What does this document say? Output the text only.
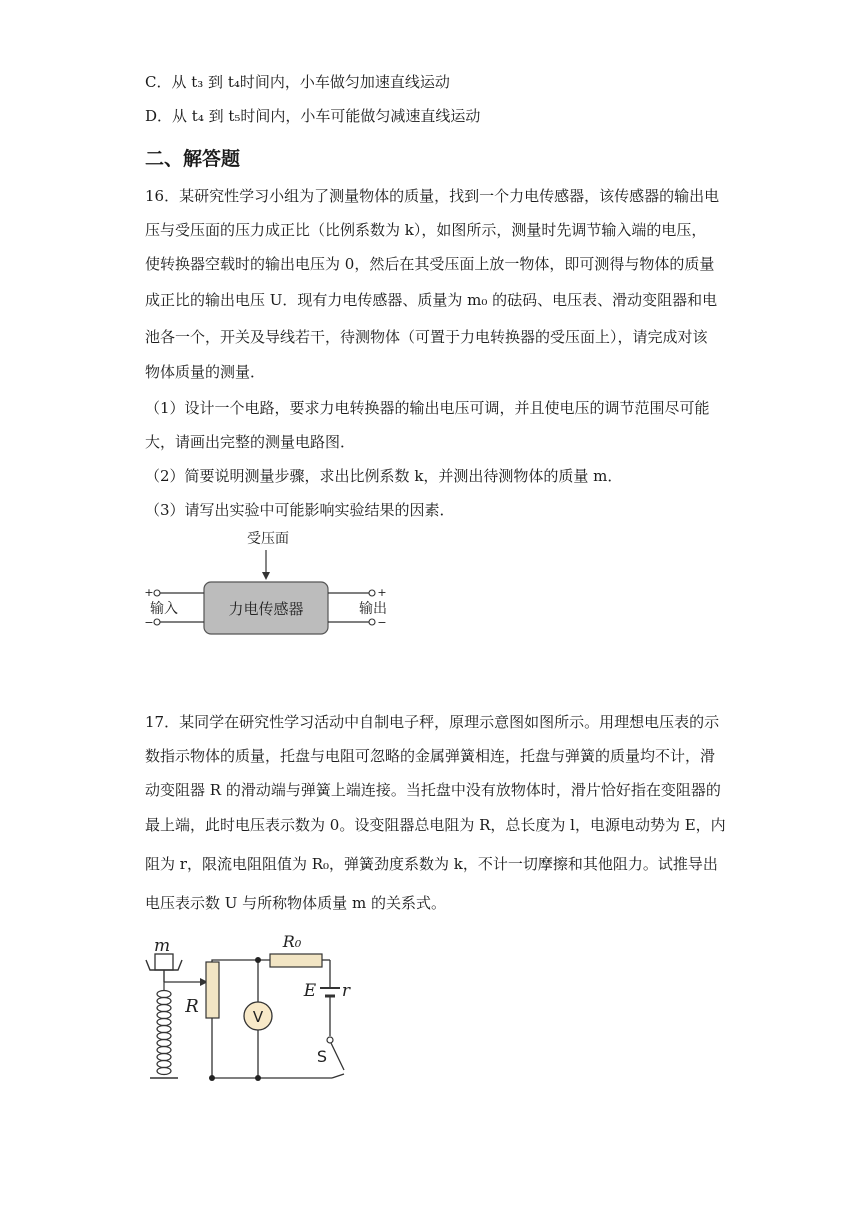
C．从 t₃ 到 t₄时间内，小车做匀加速直线运动
D．从 t₄ 到 t₅时间内，小车可能做匀减速直线运动
二、解答题
16．某研究性学习小组为了测量物体的质量，找到一个力电传感器，该传感器的输出电
压与受压面的压力成正比（比例系数为 k），如图所示，测量时先调节输入端的电压，
使转换器空载时的输出电压为 0，然后在其受压面上放一物体，即可测得与物体的质量
成正比的输出电压 U．现有力电传感器、质量为 m₀ 的砝码、电压表、滑动变阻器和电
池各一个，开关及导线若干，待测物体（可置于力电转换器的受压面上），请完成对该
物体质量的测量．
（1）设计一个电路，要求力电转换器的输出电压可调，并且使电压的调节范围尽可能
大，请画出完整的测量电路图．
（2）简要说明测量步骤，求出比例系数 k，并测出待测物体的质量 m．
（3）请写出实验中可能影响实验结果的因素．
受压面
力电传感器
+
−
输入
+
−
输出
17．某同学在研究性学习活动中自制电子秤，原理示意图如图所示。用理想电压表的示
数指示物体的质量，托盘与电阻可忽略的金属弹簧相连，托盘与弹簧的质量均不计，滑
动变阻器 R 的滑动端与弹簧上端连接。当托盘中没有放物体时，滑片恰好指在变阻器的
最上端，此时电压表示数为 0。设变阻器总电阻为 R，总长度为 l，电源电动势为 E，内
阻为 r，限流电阻阻值为 R₀，弹簧劲度系数为 k，不计一切摩擦和其他阻力。试推导出
电压表示数 U 与所称物体质量 m 的关系式。
m
R
R₀
V
E r
S
